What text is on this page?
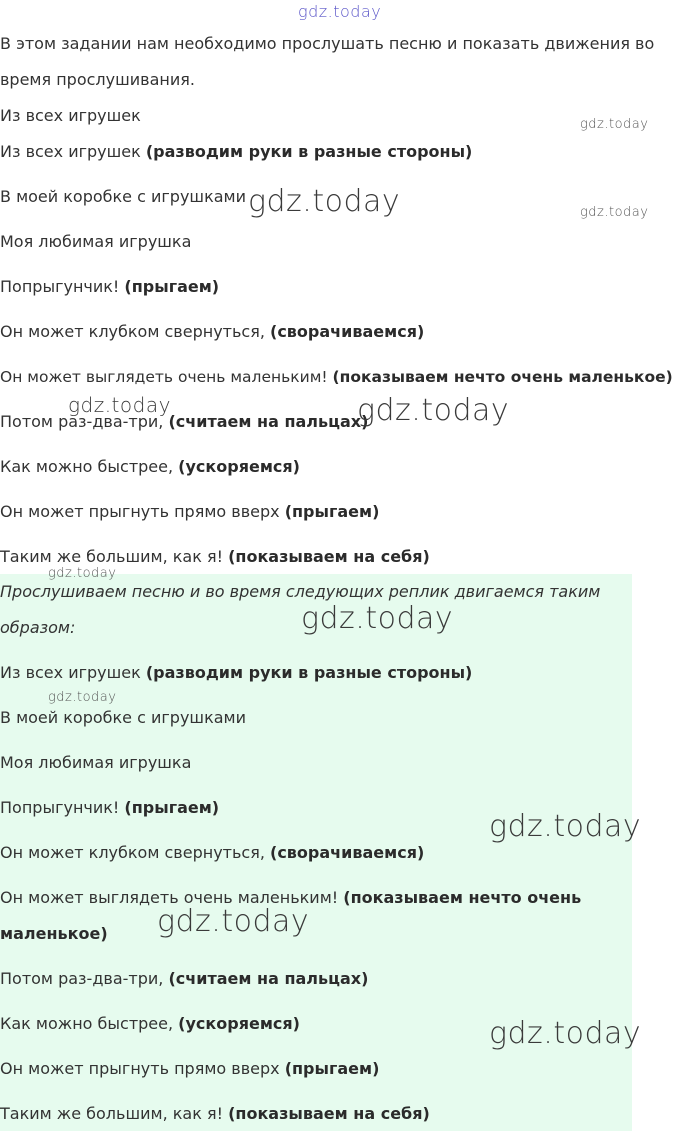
В этом задании нам необходимо прослушать песню и показать движения во

время прослушивания.

Из всех игрушек

Из всех игрушек (разводим руки в разные стороны)

В моей коробке с игрушками

Моя любимая игрушка

Попрыгунчик! (прыгаем)

Он может клубком свернуться, (сворачиваемся)

Он может выглядеть очень маленьким! (показываем нечто очень маленькое)

Потом раз-два-три, (считаем на пальцах)

Как можно быстрее, (ускоряемся)

Он может прыгнуть прямо вверх (прыгаем)

Таким же большим, как я! (показываем на себя)

Прослушиваем песню и во время следующих реплик двигаемся таким

образом:

Из всех игрушек (разводим руки в разные стороны)

В моей коробке с игрушками

Моя любимая игрушка

Попрыгунчик! (прыгаем)

Он может клубком свернуться, (сворачиваемся)

Он может выглядеть очень маленьким! (показываем нечто очень

маленькое)

Потом раз-два-три, (считаем на пальцах)

Как можно быстрее, (ускоряемся)

Он может прыгнуть прямо вверх (прыгаем)

Таким же большим, как я! (показываем на себя)

gdz.today
gdz.today
gdz.today
gdz.today
gdz.today	gdz.today
gdz.today
gdz.today
gdz.today
gdz.today
gdz.today
gdz.today
